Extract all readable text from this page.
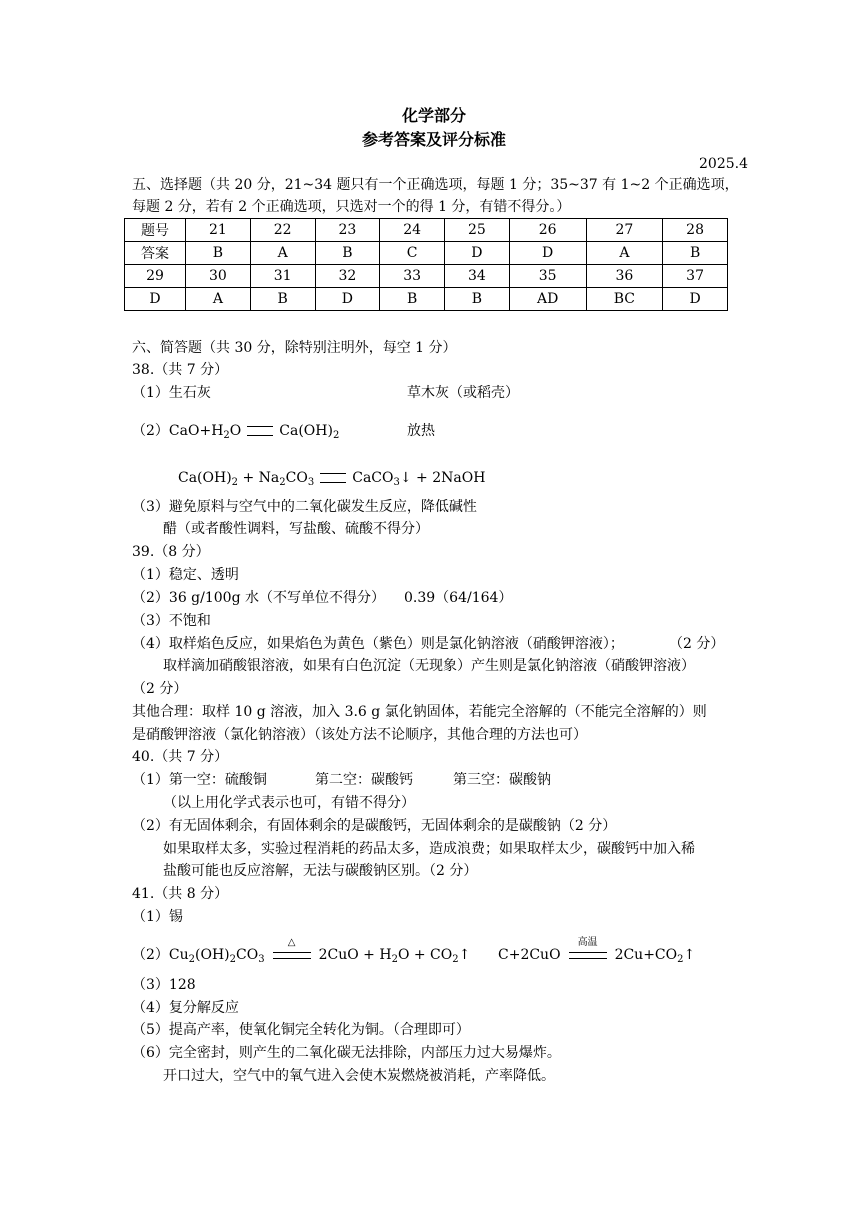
化学部分
参考答案及评分标准
2025.4
五、选择题（共 20 分，21~34 题只有一个正确选项，每题 1 分；35~37 有 1~2 个正确选项，
每题 2 分，若有 2 个正确选项，只选对一个的得 1 分，有错不得分。）
题号	21	22	23	24	25	26	27	28
答案	B	A	B	C	D	D	A	B
29	30	31	32	33	34	35	36	37
D	A	B	D	B	B	AD	BC	D
六、简答题（共 30 分，除特别注明外，每空 1 分）
38.（共 7 分）
（1）生石灰	草木灰（或稻壳）
$(2)CaO+H_2O$	$Ca(OH)_2$	放热
$Ca(OH)_2 + Na_2CO_3$	CaCO$_3$↓ + 2NaOH
（3）避免原料与空气中的二氧化碳发生反应，降低碱性
醋（或者酸性调料，写盐酸、硫酸不得分）
39.（8 分）
（1）稳定、透明
（2）36 g/100g 水（不写单位不得分） 0.39（64/164）
（3）不饱和
（4）取样焰色反应，如果焰色为黄色（紫色）则是氯化钠溶液（硝酸钾溶液）；	（2 分）
取样滴加硝酸银溶液，如果有白色沉淀（无现象）产生则是氯化钠溶液（硝酸钾溶液）
（2 分）
其他合理：取样 10 g 溶液，加入 3.6 g 氯化钠固体，若能完全溶解的（不能完全溶解的）则
是硝酸钾溶液（氯化钠溶液）（该处方法不论顺序，其他合理的方法也可）
40.（共 7 分）
（1）第一空：硫酸铜	第二空：碳酸钙	第三空：碳酸钠
（以上用化学式表示也可，有错不得分）
（2）有无固体剩余，有固体剩余的是碳酸钙，无固体剩余的是碳酸钠（2 分）
如果取样太多，实验过程消耗的药品太多，造成浪费；如果取样太少，碳酸钙中加入稀
盐酸可能也反应溶解，无法与碳酸钠区别。（2 分）
41.（共 8 分）
（1）锡
$(2)Cu_2(OH)_2CO_3$
△
$2CuO + H_2O$ + $CO_2↑$ C+2CuO
高温
$2Cu+CO_2↑$
（3）128
（4）复分解反应
（5）提高产率，使氧化铜完全转化为铜。（合理即可）
（6）完全密封，则产生的二氧化碳无法排除，内部压力过大易爆炸。
开口过大，空气中的氧气进入会使木炭燃烧被消耗，产率降低。
